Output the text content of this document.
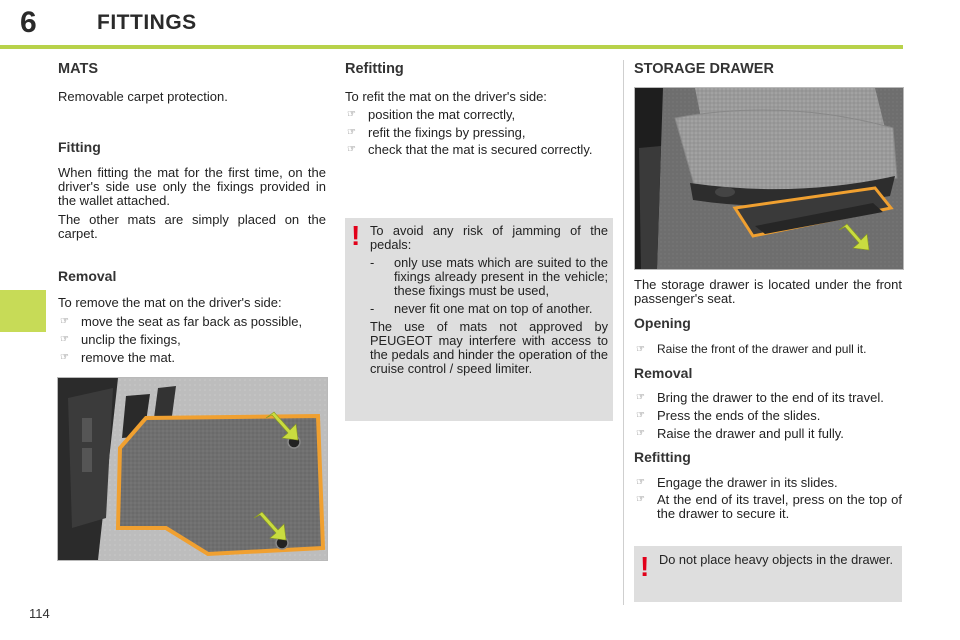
6	FITTINGS
114
MATS

Removable carpet protection.

Fitting

When fitting the mat for the first time, on the driver's side use only the fixings provided in the wallet attached.

The other mats are simply placed on the carpet.

Removal

To remove the mat on the driver's side:

☞ move the seat as far back as possible,
☞ unclip the fixings,
☞ remove the mat.
Refitting

To refit the mat on the driver's side:

☞ position the mat correctly,
☞ refit the fixings by pressing,
☞ check that the mat is secured correctly.
! To avoid any risk of jamming of the pedals:

-	only use mats which are suited to the fixings already present in the vehicle; these fixings must be used,
-	never fit one mat on top of another.

The use of mats not approved by PEUGEOT may interfere with access to the pedals and hinder the operation of the cruise control / speed limiter.

STORAGE DRAWER

The storage drawer is located under the front passenger's seat.

Opening
☞ Raise the front of the drawer and pull it.
Removal
☞ Bring the drawer to the end of its travel.
☞ Press the ends of the slides.
☞ Raise the drawer and pull it fully.
Refitting
☞ Engage the drawer in its slides.
☞ At the end of its travel, press on the top of the drawer to secure it.
! Do not place heavy objects in the drawer.
